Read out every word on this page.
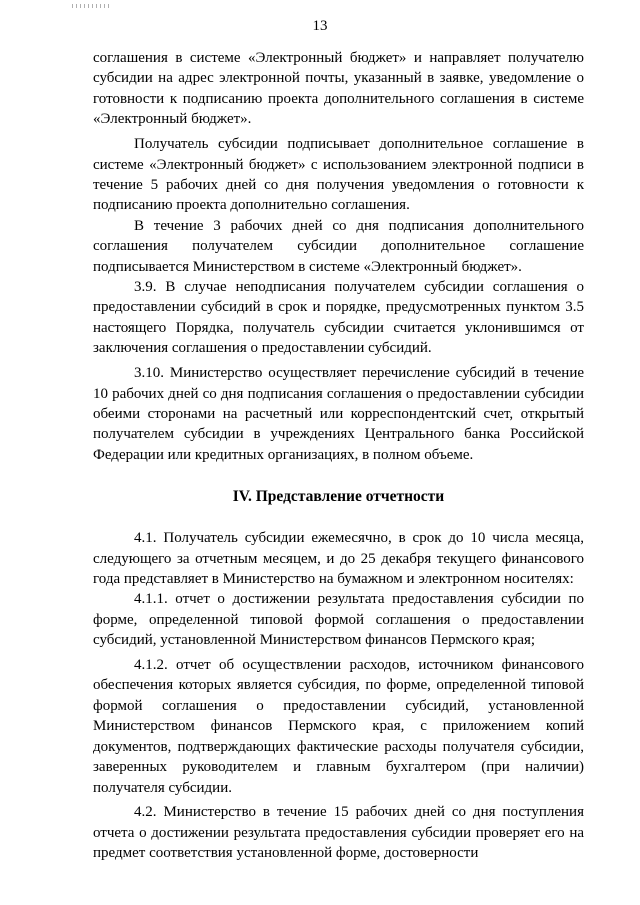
13

соглашения в системе «Электронный бюджет» и направляет получателю субсидии на адрес электронной почты, указанный в заявке, уведомление о готовности к подписанию проекта дополнительного соглашения в системе «Электронный бюджет».

Получатель субсидии подписывает дополнительное соглашение в системе «Электронный бюджет» с использованием электронной подписи в течение 5 рабочих дней со дня получения уведомления о готовности к подписанию проекта дополнительно соглашения.

В течение 3 рабочих дней со дня подписания дополнительного соглашения получателем субсидии дополнительное соглашение подписывается Министерством в системе «Электронный бюджет».

3.9. В случае неподписания получателем субсидии соглашения о предоставлении субсидий в срок и порядке, предусмотренных пунктом 3.5 настоящего Порядка, получатель субсидии считается уклонившимся от заключения соглашения о предоставлении субсидий.

3.10. Министерство осуществляет перечисление субсидий в течение 10 рабочих дней со дня подписания соглашения о предоставлении субсидии обеими сторонами на расчетный или корреспондентский счет, открытый получателем субсидии в учреждениях Центрального банка Российской Федерации или кредитных организациях, в полном объеме.

IV. Представление отчетности

4.1. Получатель субсидии ежемесячно, в срок до 10 числа месяца, следующего за отчетным месяцем, и до 25 декабря текущего финансового года представляет в Министерство на бумажном и электронном носителях:

4.1.1. отчет о достижении результата предоставления субсидии по форме, определенной типовой формой соглашения о предоставлении субсидий, установленной Министерством финансов Пермского края;

4.1.2. отчет об осуществлении расходов, источником финансового обеспечения которых является субсидия, по форме, определенной типовой формой соглашения о предоставлении субсидий, установленной Министерством финансов Пермского края, с приложением копий документов, подтверждающих фактические расходы получателя субсидии, заверенных руководителем и главным бухгалтером (при наличии) получателя субсидии.

4.2. Министерство в течение 15 рабочих дней со дня поступления отчета о достижении результата предоставления субсидии проверяет его на предмет соответствия установленной форме, достоверности
